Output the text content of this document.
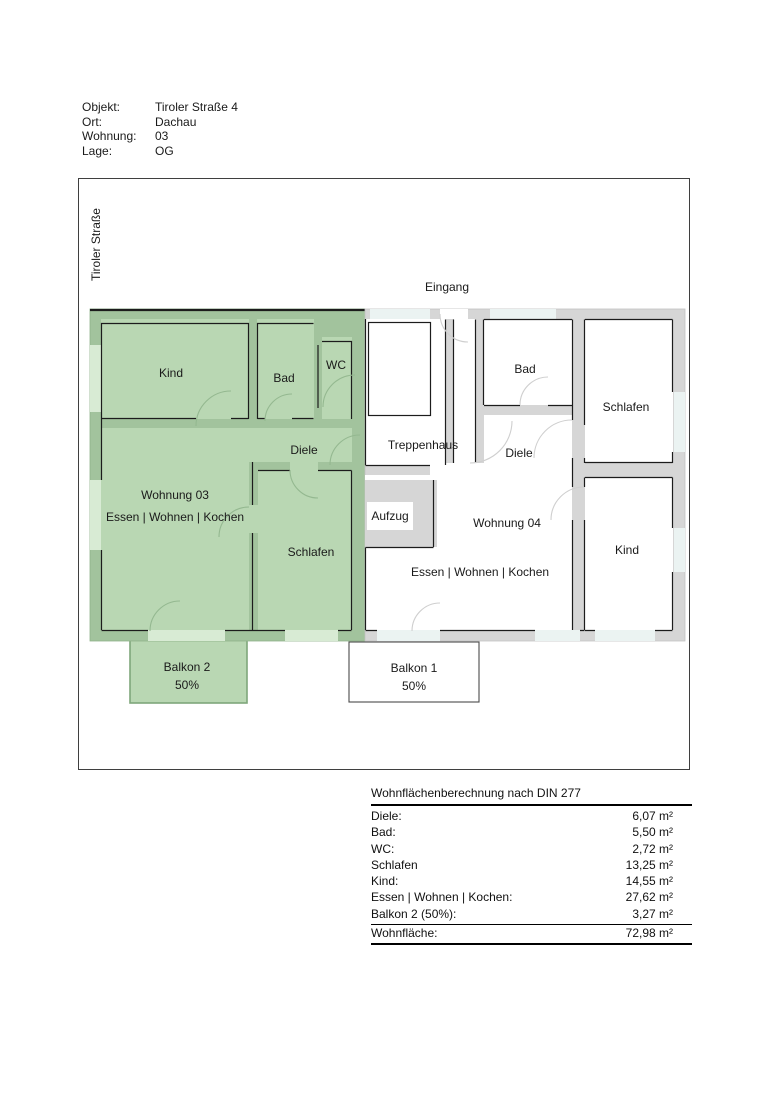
Objekt:	Tiroler Straße 4
Ort:	Dachau
Wohnung:	03
Lage:	OG
Tiroler Straße
Eingang
Balkon 2
50%
Balkon 1
50%
Kind	Bad
WC
Diele
Wohnung 03
Essen | Wohnen | Kochen
Schlafen
Treppenhaus
Aufzug
Bad
Schlafen
Diele
Wohnung 04
Essen | Wohnen | Kochen
Kind
Wohnflächenberechnung nach DIN 277
Diele:	6,07 m²
Bad:	5,50 m²
WC:	2,72 m²
Schlafen	13,25 m²
Kind:	14,55 m²
Essen | Wohnen | Kochen:	27,62 m²
Balkon 2 (50%):	3,27 m²
Wohnfläche:	72,98 m²
